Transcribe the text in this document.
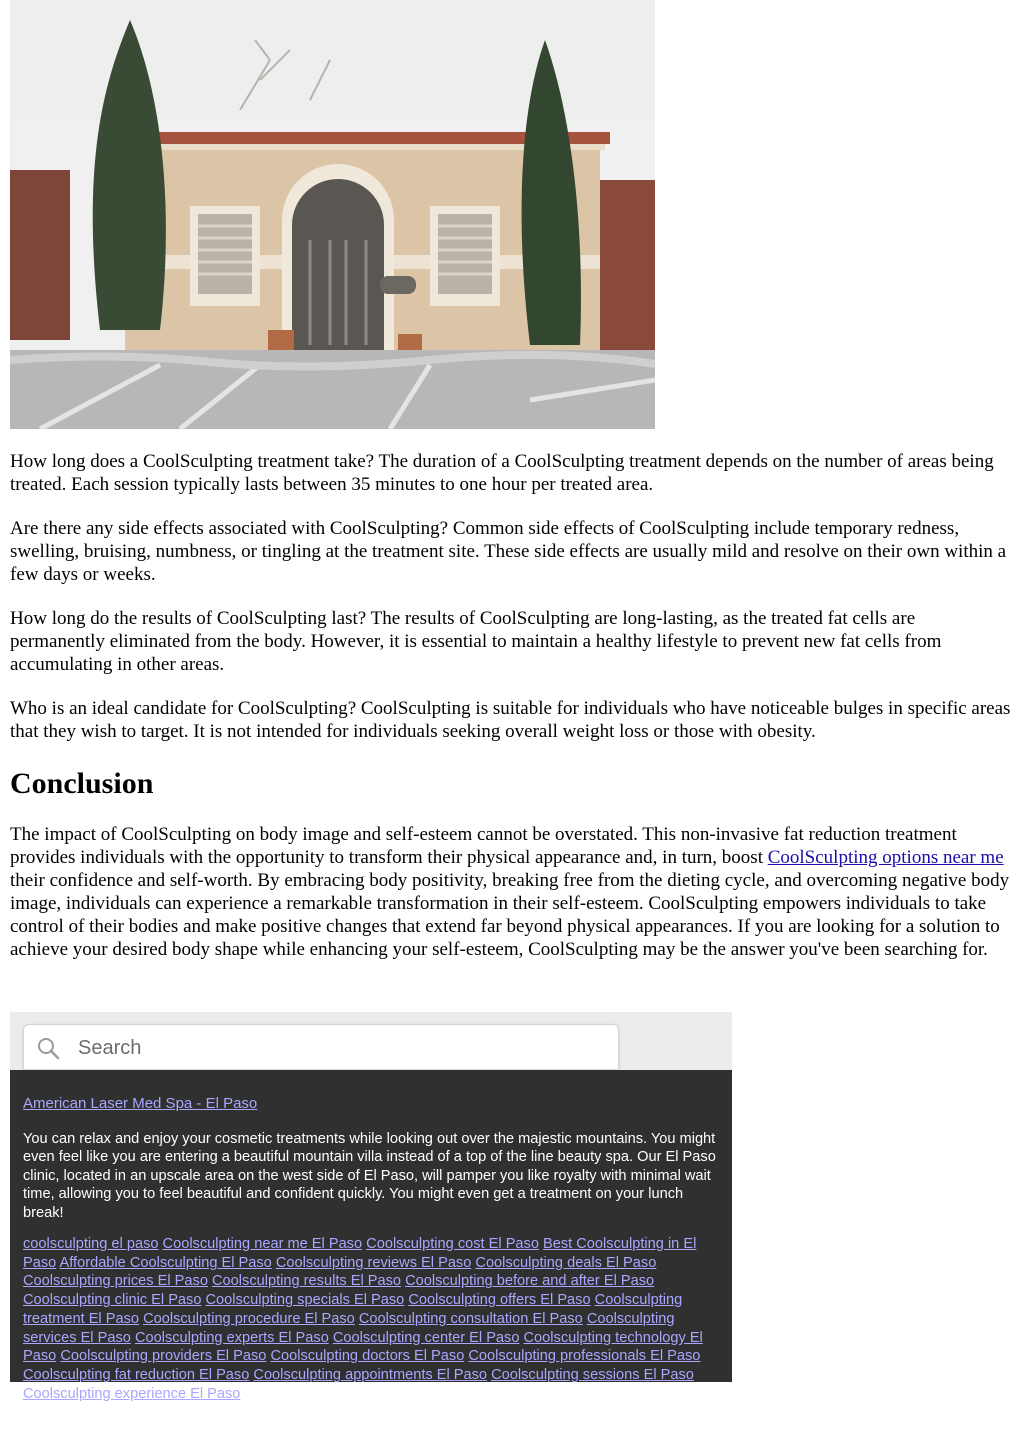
How long does a CoolSculpting treatment take? The duration of a CoolSculpting treatment depends on the number of areas being treated. Each session typically lasts between 35 minutes to one hour per treated area.

Are there any side effects associated with CoolSculpting? Common side effects of CoolSculpting include temporary redness, swelling, bruising, numbness, or tingling at the treatment site. These side effects are usually mild and resolve on their own within a few days or weeks.

How long do the results of CoolSculpting last? The results of CoolSculpting are long-lasting, as the treated fat cells are permanently eliminated from the body. However, it is essential to maintain a healthy lifestyle to prevent new fat cells from accumulating in other areas.

Who is an ideal candidate for CoolSculpting? CoolSculpting is suitable for individuals who have noticeable bulges in specific areas that they wish to target. It is not intended for individuals seeking overall weight loss or those with obesity.

Conclusion

The impact of CoolSculpting on body image and self-esteem cannot be overstated. This non-invasive fat reduction treatment provides individuals with the opportunity to transform their physical appearance and, in turn, boost CoolSculpting options near me their confidence and self-worth. By embracing body positivity, breaking free from the dieting cycle, and overcoming negative body image, individuals can experience a remarkable transformation in their self-esteem. CoolSculpting empowers individuals to take control of their bodies and make positive changes that extend far beyond physical appearances. If you are looking for a solution to achieve your desired body shape while enhancing your self-esteem, CoolSculpting may be the answer you've been searching for.

Search
American Laser Med Spa - El Paso

You can relax and enjoy your cosmetic treatments while looking out over the majestic mountains. You might even feel like you are entering a beautiful mountain villa instead of a top of the line beauty spa. Our El Paso clinic, located in an upscale area on the west side of El Paso, will pamper you like royalty with minimal wait time, allowing you to feel beautiful and confident quickly. You might even get a treatment on your lunch break!

coolsculpting el paso Coolsculpting near me El Paso Coolsculpting cost El Paso Best Coolsculpting in El Paso Affordable Coolsculpting El Paso Coolsculpting reviews El Paso Coolsculpting deals El Paso Coolsculpting prices El Paso Coolsculpting results El Paso Coolsculpting before and after El Paso Coolsculpting clinic El Paso Coolsculpting specials El Paso Coolsculpting offers El Paso Coolsculpting treatment El Paso Coolsculpting procedure El Paso Coolsculpting consultation El Paso Coolsculpting services El Paso Coolsculpting experts El Paso Coolsculpting center El Paso Coolsculpting technology El Paso Coolsculpting providers El Paso Coolsculpting doctors El Paso Coolsculpting professionals El Paso Coolsculpting fat reduction El Paso Coolsculpting appointments El Paso Coolsculpting sessions El Paso Coolsculpting experience El Paso
